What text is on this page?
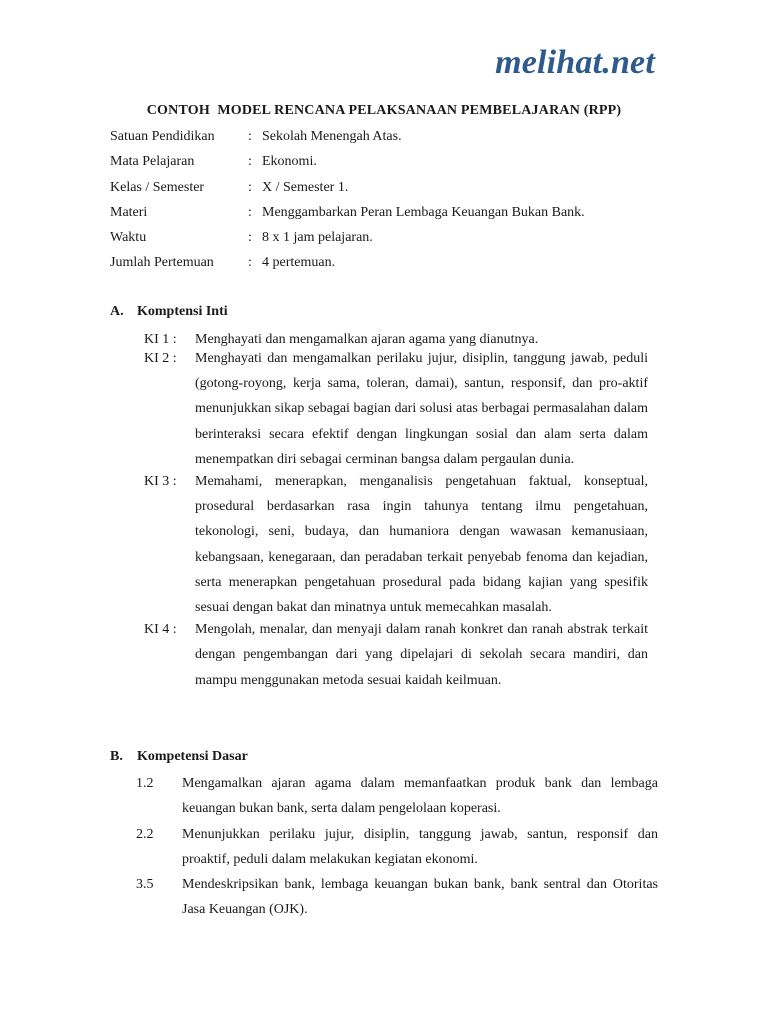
melihat.net
CONTOH  MODEL RENCANA PELAKSANAAN PEMBELAJARAN (RPP)
Satuan Pendidikan	: Sekolah Menengah Atas.
Mata Pelajaran	: Ekonomi.
Kelas / Semester	: X / Semester 1.
Materi	: Menggambarkan Peran Lembaga Keuangan Bukan Bank.
Waktu	: 8 x 1 jam pelajaran.
Jumlah Pertemuan	: 4 pertemuan.
A. Komptensi Inti
KI 1 :	Menghayati dan mengamalkan ajaran agama yang dianutnya.
KI 2 :	Menghayati dan mengamalkan perilaku jujur, disiplin, tanggung jawab, peduli (gotong-royong, kerja sama, toleran, damai), santun, responsif, dan pro-aktif menunjukkan sikap sebagai bagian dari solusi atas berbagai permasalahan dalam berinteraksi secara efektif dengan lingkungan sosial dan alam serta dalam menempatkan diri sebagai cerminan bangsa dalam pergaulan dunia.
KI 3 :	Memahami, menerapkan, menganalisis pengetahuan faktual, konseptual, prosedural berdasarkan rasa ingin tahunya tentang ilmu pengetahuan, tekonologi, seni, budaya, dan humaniora dengan wawasan kemanusiaan, kebangsaan, kenegaraan, dan peradaban terkait penyebab fenoma dan kejadian, serta menerapkan pengetahuan prosedural pada bidang kajian yang spesifik sesuai dengan bakat dan minatnya untuk memecahkan masalah.
KI 4 :	Mengolah, menalar, dan menyaji dalam ranah konkret dan ranah abstrak terkait dengan pengembangan dari yang dipelajari di sekolah secara mandiri, dan mampu menggunakan metoda sesuai kaidah keilmuan.
B.	Kompetensi Dasar
1.2	Mengamalkan ajaran agama dalam memanfaatkan produk bank dan lembaga keuangan bukan bank, serta dalam pengelolaan koperasi.
2.2	Menunjukkan perilaku jujur, disiplin, tanggung jawab, santun, responsif dan proaktif, peduli dalam melakukan kegiatan ekonomi.
3.5	Mendeskripsikan bank, lembaga keuangan bukan bank, bank sentral dan Otoritas Jasa Keuangan (OJK).
